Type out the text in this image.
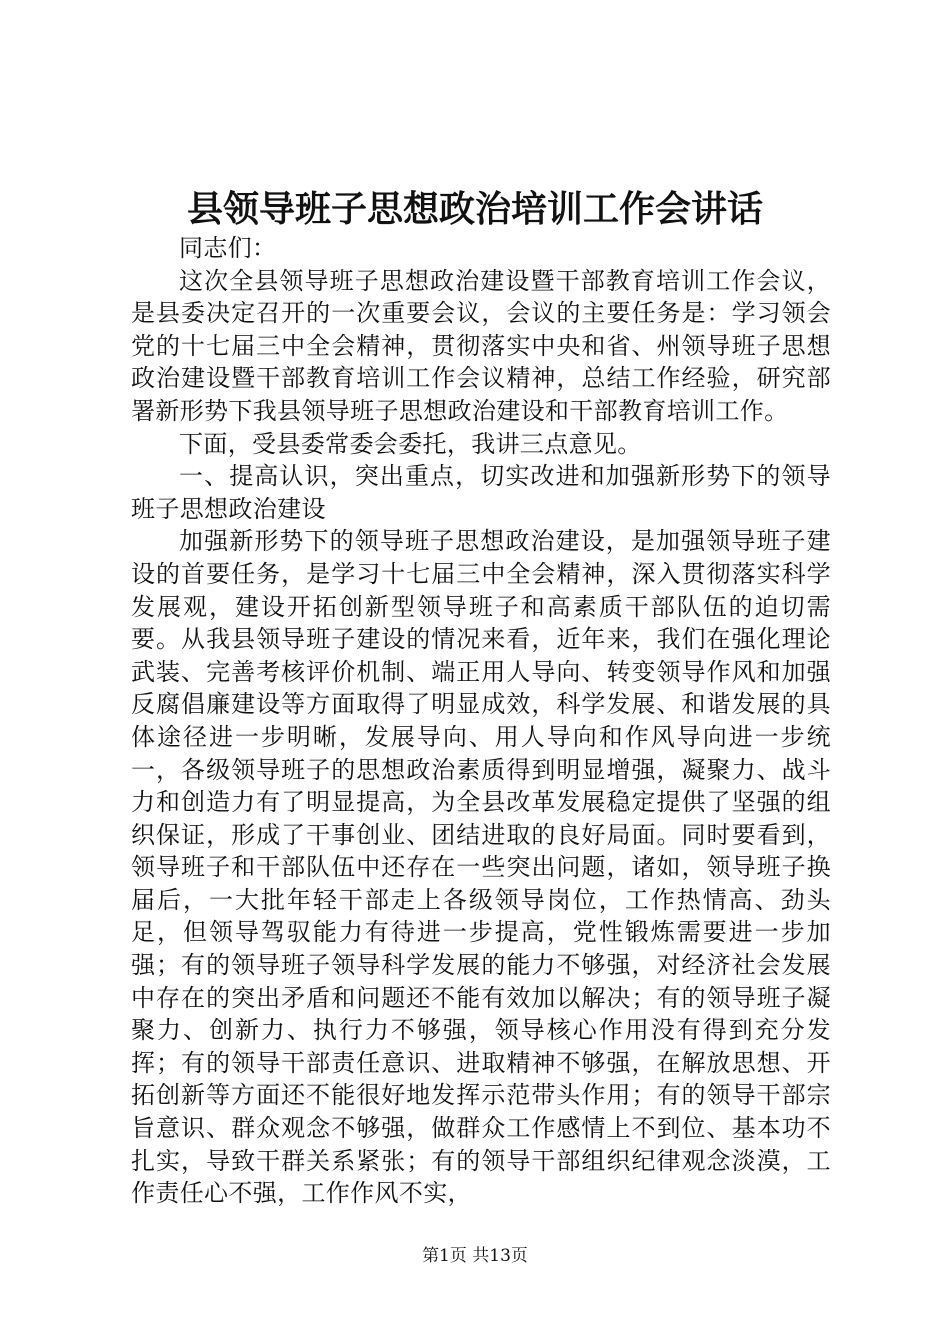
县领导班子思想政治培训工作会讲话

同志们：

这次全县领导班子思想政治建设暨干部教育培训工作会议，是县委决定召开的一次重要会议，会议的主要任务是：学习领会党的十七届三中全会精神，贯彻落实中央和省、州领导班子思想政治建设暨干部教育培训工作会议精神，总结工作经验，研究部署新形势下我县领导班子思想政治建设和干部教育培训工作。

下面，受县委常委会委托，我讲三点意见。

一、提高认识，突出重点，切实改进和加强新形势下的领导班子思想政治建设

加强新形势下的领导班子思想政治建设，是加强领导班子建设的首要任务，是学习十七届三中全会精神，深入贯彻落实科学发展观，建设开拓创新型领导班子和高素质干部队伍的迫切需要。从我县领导班子建设的情况来看，近年来，我们在强化理论武装、完善考核评价机制、端正用人导向、转变领导作风和加强反腐倡廉建设等方面取得了明显成效，科学发展、和谐发展的具体途径进一步明晰，发展导向、用人导向和作风导向进一步统一，各级领导班子的思想政治素质得到明显增强，凝聚力、战斗力和创造力有了明显提高，为全县改革发展稳定提供了坚强的组织保证，形成了干事创业、团结进取的良好局面。同时要看到，领导班子和干部队伍中还存在一些突出问题，诸如，领导班子换届后，一大批年轻干部走上各级领导岗位，工作热情高、劲头足，但领导驾驭能力有待进一步提高，党性锻炼需要进一步加强；有的领导班子领导科学发展的能力不够强，对经济社会发展中存在的突出矛盾和问题还不能有效加以解决；有的领导班子凝聚力、创新力、执行力不够强，领导核心作用没有得到充分发挥；有的领导干部责任意识、进取精神不够强，在解放思想、开拓创新等方面还不能很好地发挥示范带头作用；有的领导干部宗旨意识、群众观念不够强，做群众工作感情上不到位、基本功不扎实，导致干群关系紧张；有的领导干部组织纪律观念淡漠，工作责任心不强，工作作风不实，

第1页 共13页
